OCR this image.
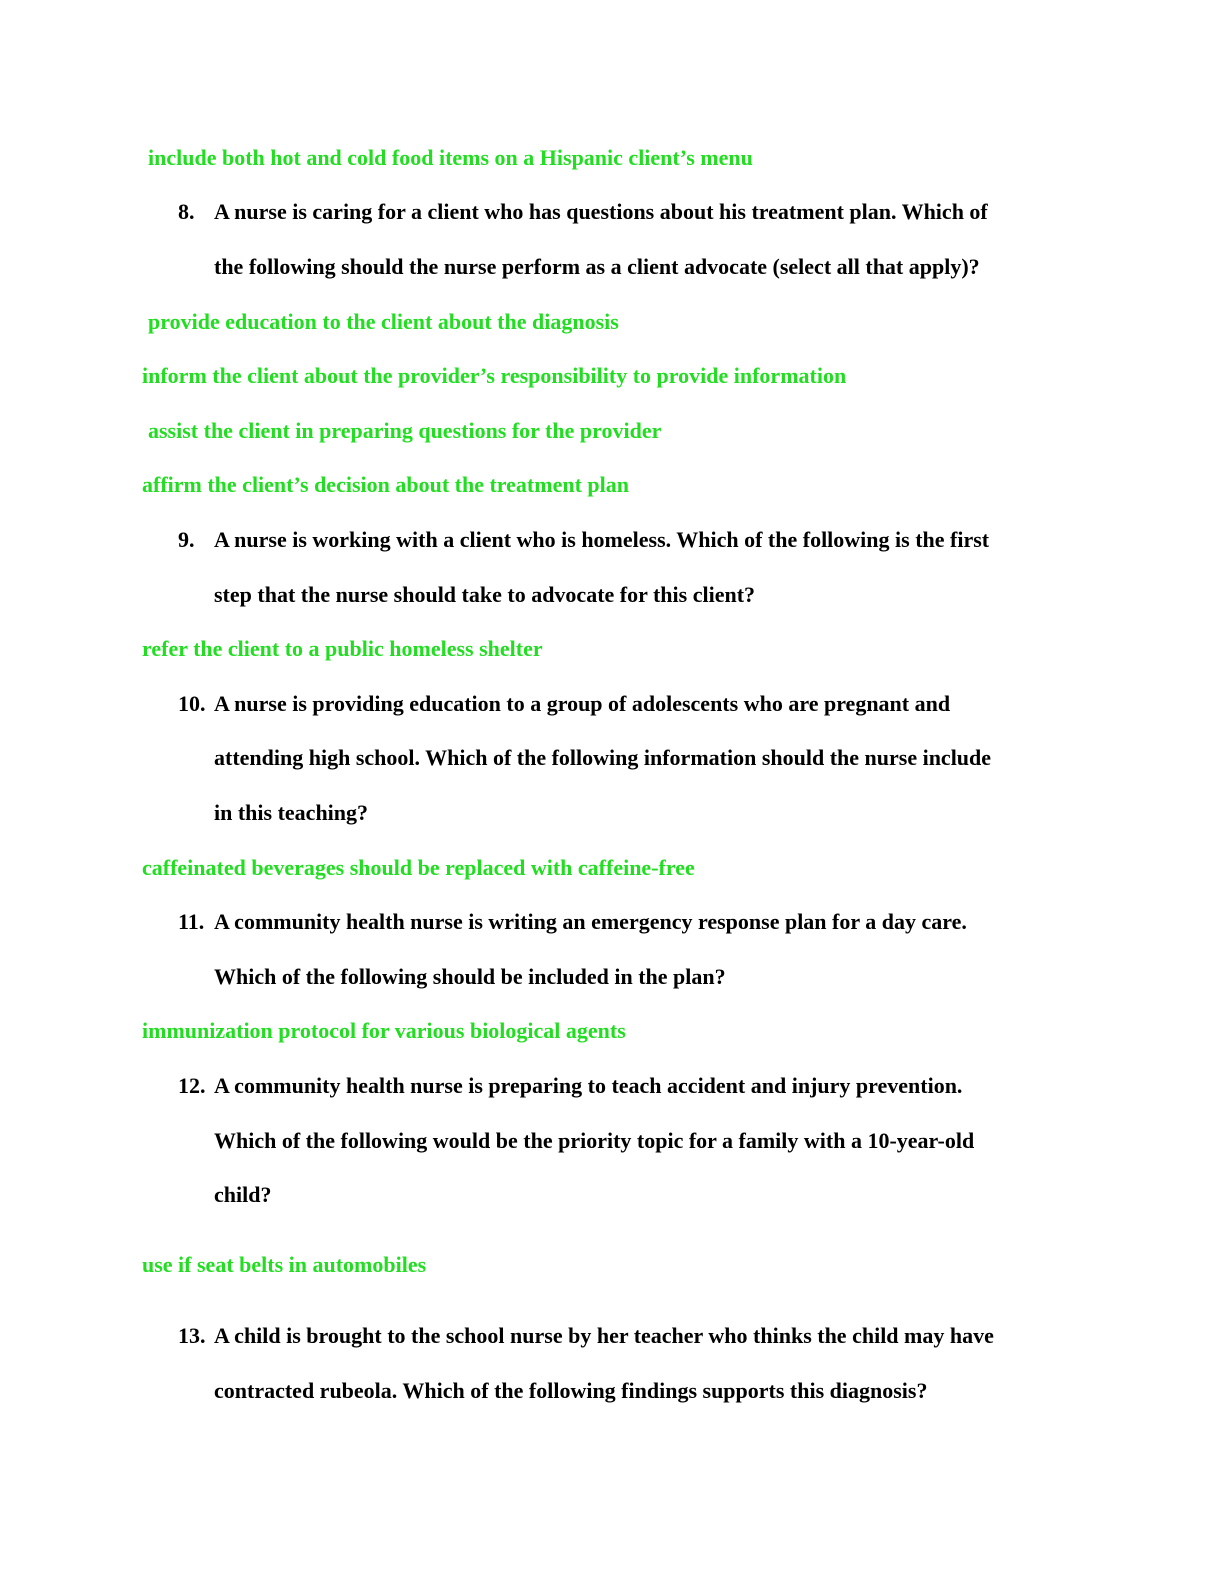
include both hot and cold food items on a Hispanic client’s menu
8. A nurse is caring for a client who has questions about his treatment plan. Which of
the following should the nurse perform as a client advocate (select all that apply)?
provide education to the client about the diagnosis
inform the client about the provider’s responsibility to provide information
assist the client in preparing questions for the provider
affirm the client’s decision about the treatment plan
9. A nurse is working with a client who is homeless. Which of the following is the first
step that the nurse should take to advocate for this client?
refer the client to a public homeless shelter
10. A nurse is providing education to a group of adolescents who are pregnant and
attending high school. Which of the following information should the nurse include
in this teaching?
caffeinated beverages should be replaced with caffeine-free
11. A community health nurse is writing an emergency response plan for a day care.
Which of the following should be included in the plan?
immunization protocol for various biological agents
12. A community health nurse is preparing to teach accident and injury prevention.
Which of the following would be the priority topic for a family with a 10-year-old
child?
use if seat belts in automobiles
13. A child is brought to the school nurse by her teacher who thinks the child may have
contracted rubeola. Which of the following findings supports this diagnosis?
